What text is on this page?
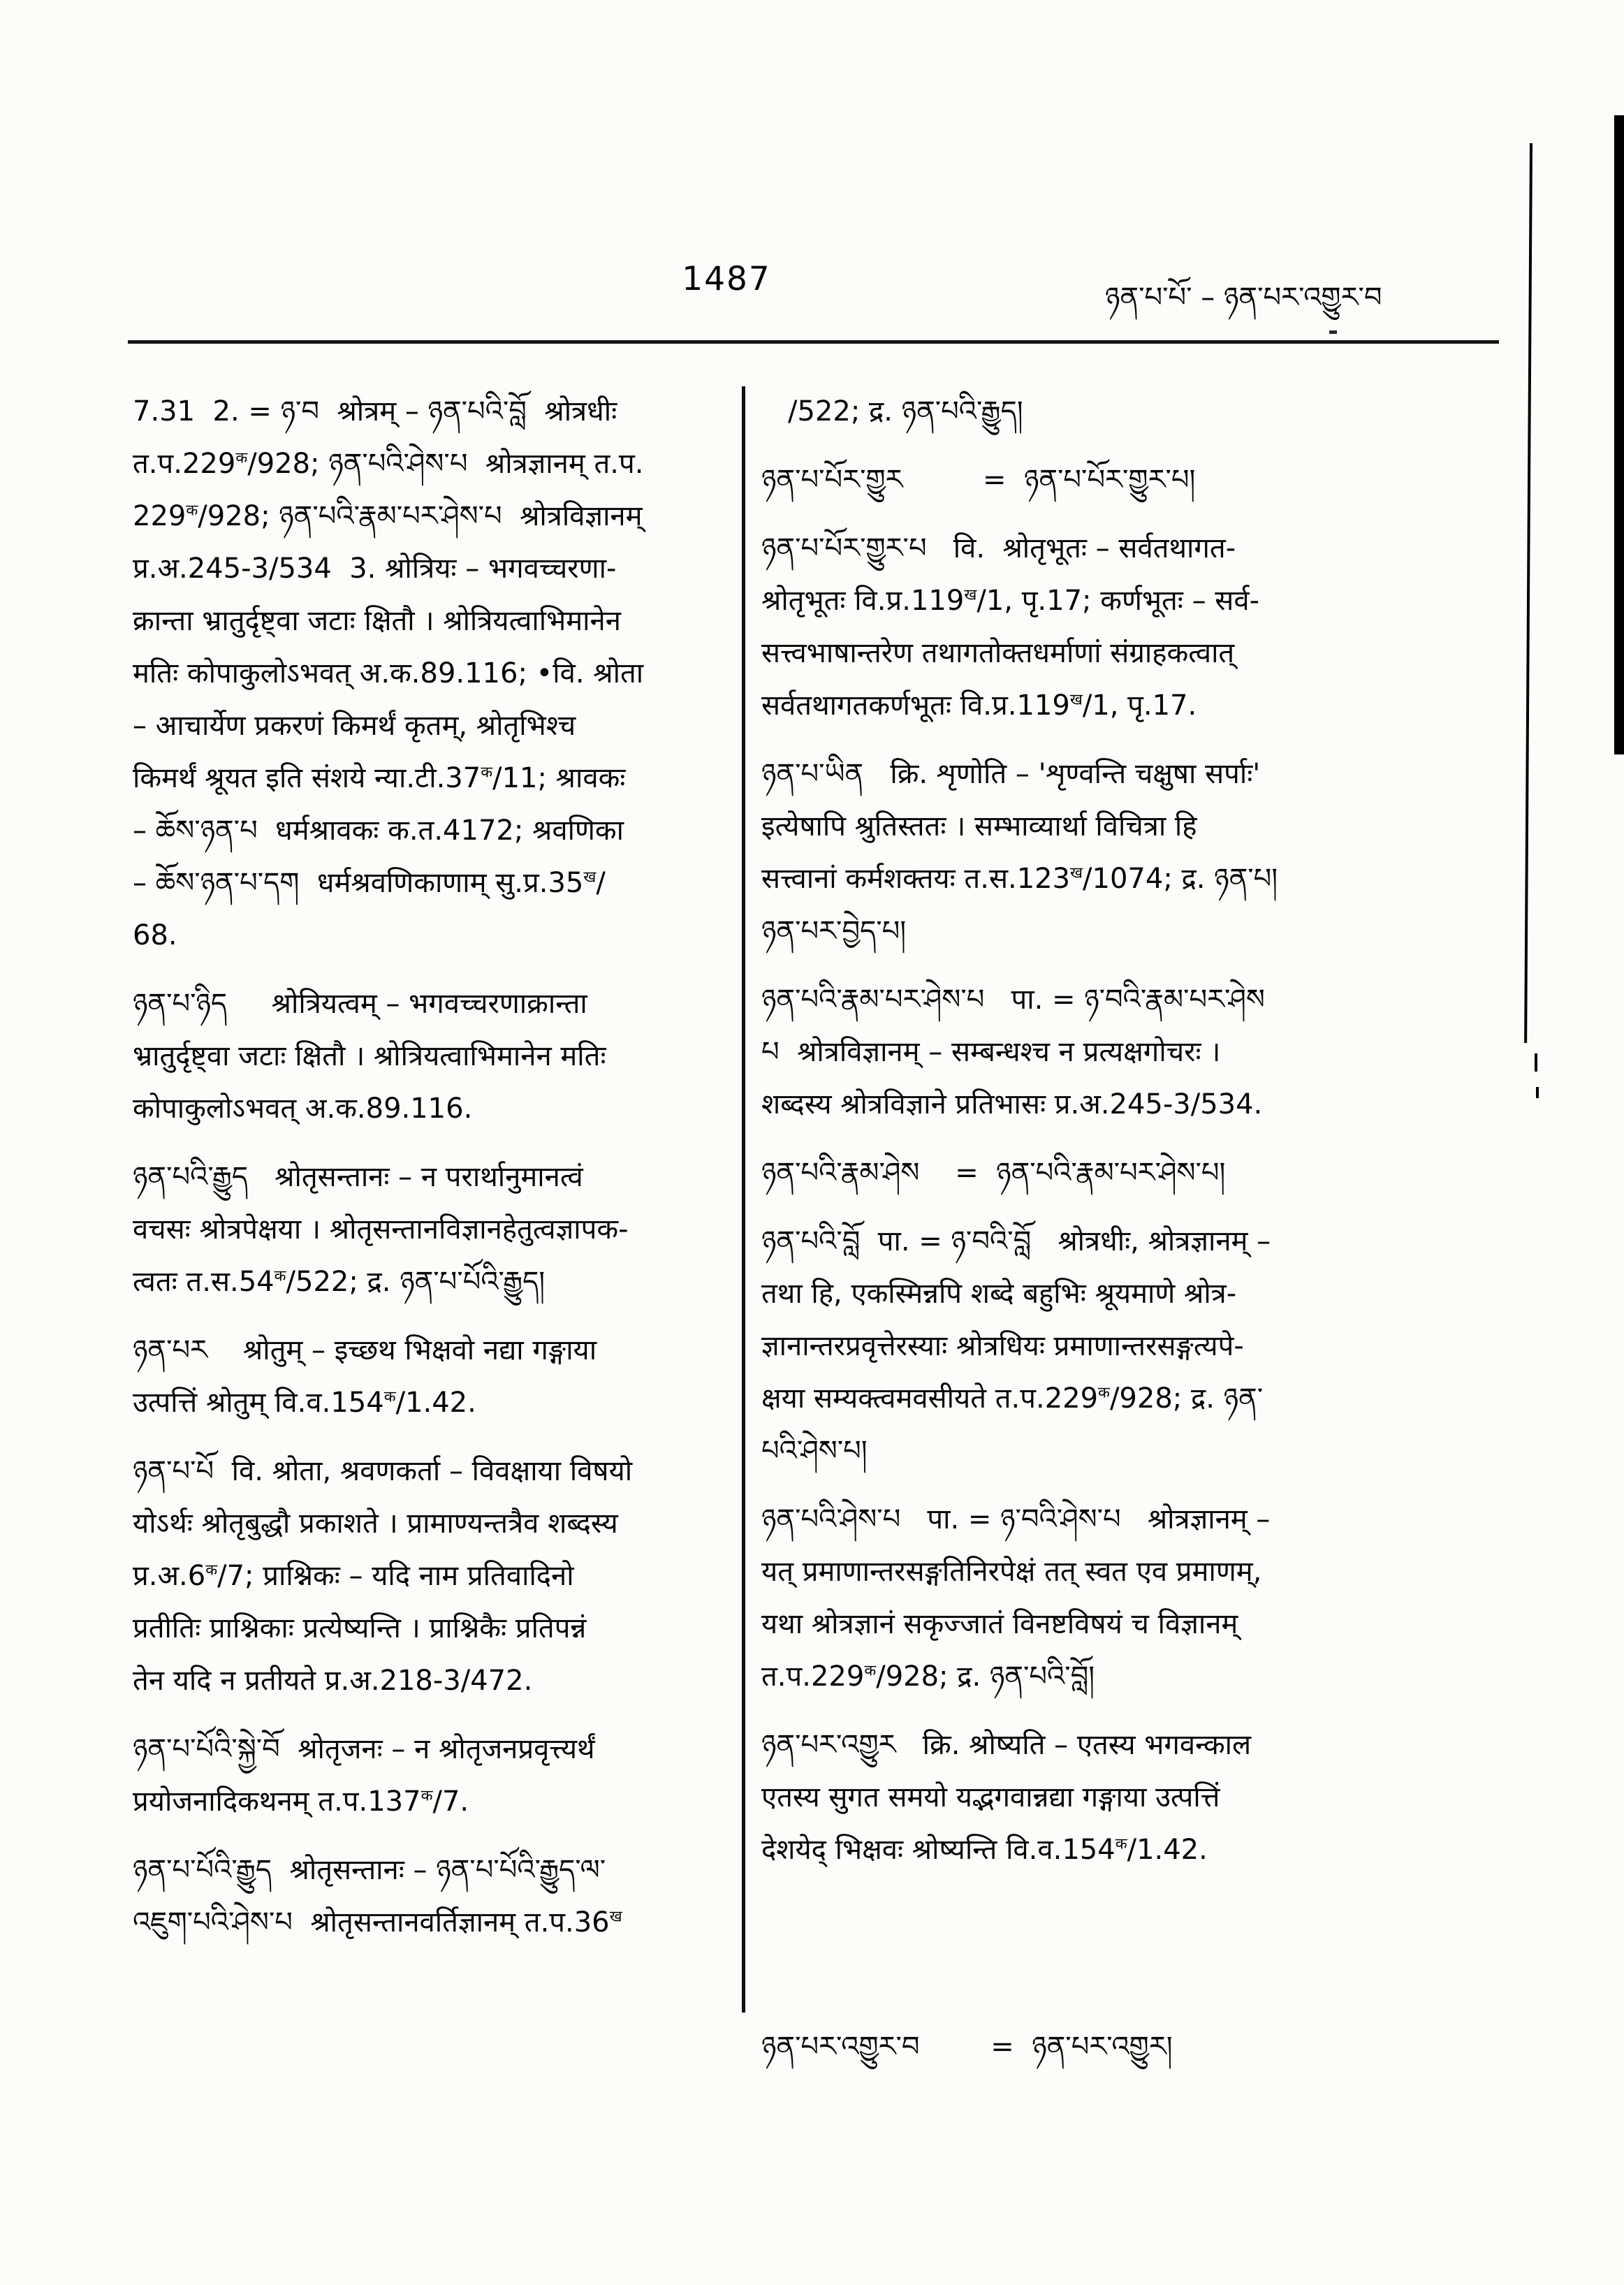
1487	ཉན་པ་པོ་ – ཉན་པར་འགྱུར་བ

7.31  2. = ཉ་བ  श्रोत्रम् – ཉན་པའི་བློ  श्रोत्रधीः
$त.प.229^क/928$; ཉན་པའི་ཤེས་པ  श्रोत्रज्ञानम् त.प.
$229^क/928$; ཉན་པའི་རྣམ་པར་ཤེས་པ  श्रोत्रविज्ञानम्
प्र.अ.245-3/534  3. श्रोत्रियः – भगवच्चरणा-
क्रान्ता भ्रातुर्दृष्ट्वा जटाः क्षितौ । श्रोत्रियत्वाभिमानेन
मतिः कोपाकुलोऽभवत् अ.क.89.116; •वि. श्रोता
– आचार्येण प्रकरणं किमर्थं कृतम्, श्रोतृभिश्च
किमर्थं श्रूयत इति संशये $न्या.टी.37^क/11$; श्रावकः
– ཆོས་ཉན་པ  धर्मश्रावकः क.त.4172; श्रवणिका
– ཆོས་ཉན་པ་དག  धर्मश्रवणिकाणाम् $सु.प्र.35^ख/$
68.

ཉན་པ་ཉིད     श्रोत्रियत्वम् – भगवच्चरणाक्रान्ता
भ्रातुर्दृष्ट्वा जटाः क्षितौ । श्रोत्रियत्वाभिमानेन मतिः
कोपाकुलोऽभवत् अ.क.89.116.

ཉན་པའི་རྒྱུད   श्रोतृसन्तानः – न परार्थानुमानत्वं
वचसः श्रोत्रपेक्षया । श्रोतृसन्तानविज्ञानहेतुत्वज्ञापक-
त्वतः $त.स.54^क/522$; द्र. ཉན་པ་པོའི་རྒྱུད།

ཉན་པར    श्रोतुम् – इच्छथ भिक्षवो नद्या गङ्गाया
उत्पत्तिं श्रोतुम् $वि.व.154^क/1.42$.

ཉན་པ་པོ  वि. श्रोता, श्रवणकर्ता – विवक्षाया विषयो
योऽर्थः श्रोतृबुद्धौ प्रकाशते । प्रामाण्यन्तत्रैव शब्दस्य
$प्र.अ.6^क/7$; प्राश्निकः – यदि नाम प्रतिवादिनो
प्रतीतिः प्राश्निकाः प्रत्येष्यन्ति । प्राश्निकैः प्रतिपन्नं
तेन यदि न प्रतीयते प्र.अ.218-3/472.

ཉན་པ་པོའི་སྐྱེ་བོ  श्रोतृजनः – न श्रोतृजनप्रवृत्त्यर्थं
प्रयोजनादिकथनम् $त.प.137^क/7$.

ཉན་པ་པོའི་རྒྱུད  श्रोतृसन्तानः – ཉན་པ་པོའི་རྒྱུད་ལ་
འཇུག་པའི་ཤེས་པ  श्रोतृसन्तानवर्तिज्ञानम् $त.प.36^ख$

/522; द्र. ཉན་པའི་རྒྱུད།

ཉན་པ་པོར་གྱུར         =  ཉན་པ་པོར་གྱུར་པ།

ཉན་པ་པོར་གྱུར་པ   वि.  श्रोतृभूतः – सर्वतथागत-
श्रोतृभूतः $वि.प्र.119^ख/1$, पृ.17; कर्णभूतः – सर्व-
सत्त्वभाषान्तरेण तथागतोक्तधर्माणां संग्राहकत्वात्
सर्वतथागतकर्णभूतः $वि.प्र.119^ख/1$, पृ.17.

ཉན་པ་ཡིན   क्रि. शृणोति – 'शृण्वन्ति चक्षुषा सर्पाः'
इत्येषापि श्रुतिस्ततः । सम्भाव्यार्था विचित्रा हि
सत्त्वानां कर्मशक्तयः $त.स.123^ख/1074$; द्र. ཉན་པ།
ཉན་པར་བྱེད་པ།

ཉན་པའི་རྣམ་པར་ཤེས་པ   पा. = ཉ་བའི་རྣམ་པར་ཤེས
པ  श्रोत्रविज्ञानम् – सम्बन्धश्च न प्रत्यक्षगोचरः ।
शब्दस्य श्रोत्रविज्ञाने प्रतिभासः प्र.अ.245-3/534.

ཉན་པའི་རྣམ་ཤེས    =  ཉན་པའི་རྣམ་པར་ཤེས་པ།

ཉན་པའི་བློ  पा. = ཉ་བའི་བློ   श्रोत्रधीः, श्रोत्रज्ञानम् –
तथा हि, एकस्मिन्नपि शब्दे बहुभिः श्रूयमाणे श्रोत्र-
ज्ञानान्तरप्रवृत्तेरस्याः श्रोत्रधियः प्रमाणान्तरसङ्गत्यपे-
क्षया सम्यक्त्वमवसीयते $त.प.229^क/928$; द्र. ཉན་
པའི་ཤེས་པ།

ཉན་པའི་ཤེས་པ   पा. = ཉ་བའི་ཤེས་པ   श्रोत्रज्ञानम् –
यत् प्रमाणान्तरसङ्गतिनिरपेक्षं तत् स्वत एव प्रमाणम्,
यथा श्रोत्रज्ञानं सकृज्जातं विनष्टविषयं च विज्ञानम्
$त.प.229^क/928$; द्र. ཉན་པའི་བློ།

ཉན་པར་འགྱུར   क्रि. श्रोष्यति – एतस्य भगवन्काल
एतस्य सुगत समयो यद्भगवान्नद्या गङ्गाया उत्पत्तिं
देशयेद् भिक्षवः श्रोष्यन्ति $वि.व.154^क/1.42$.

ཉན་པར་འགྱུར་བ        =  ཉན་པར་འགྱུར།
